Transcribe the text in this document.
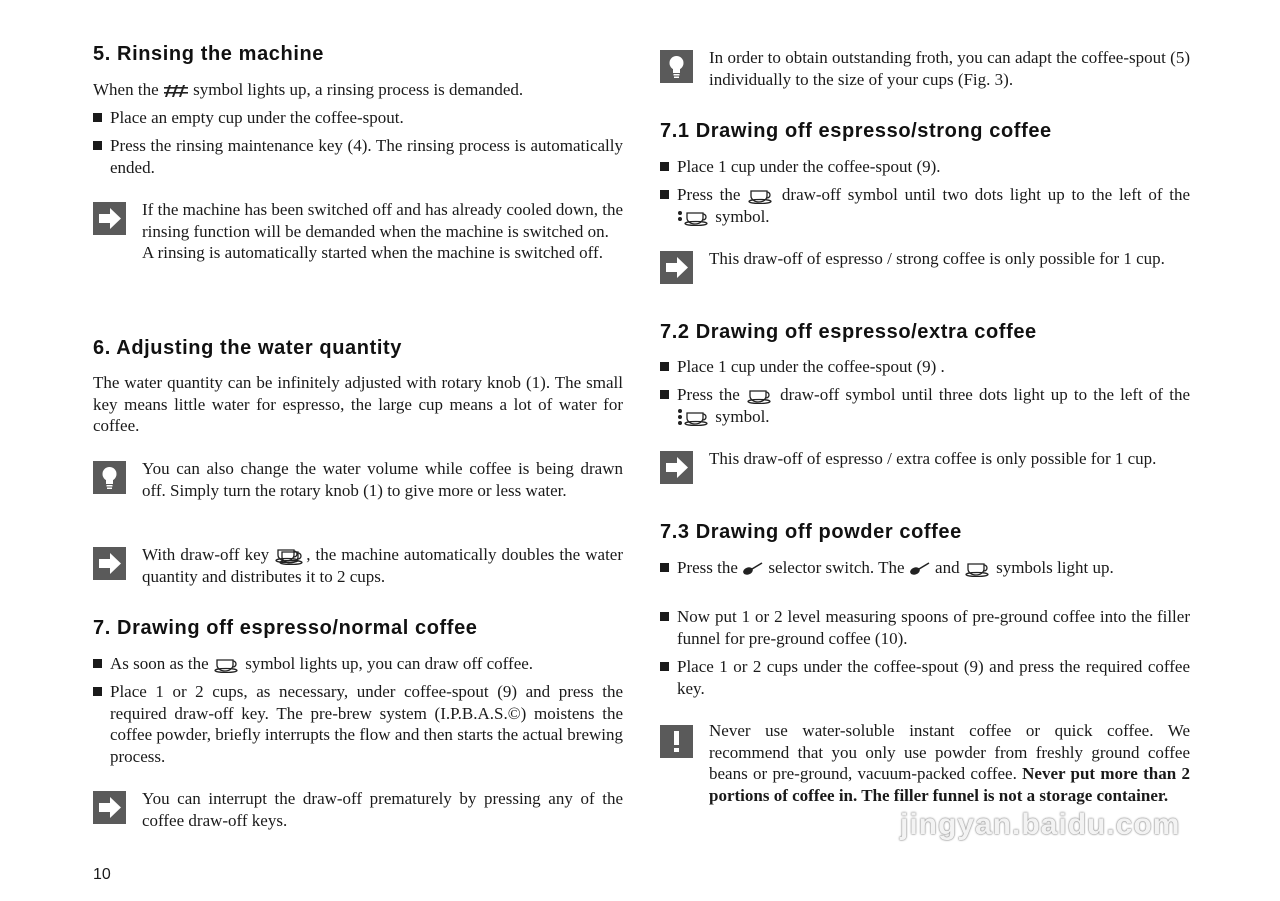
5. Rinsing the machine

When the symbol lights up, a rinsing process is demanded.

Place an empty cup under the coffee-spout.

Press the rinsing maintenance key (4). The rinsing process is automatically ended.

If the machine has been switched off and has already cooled down, the rinsing function will be demanded when the machine is switched on.

A rinsing is automatically started when the machine is switched off.

6. Adjusting the water quantity

The water quantity can be infinitely adjusted with rotary knob (1). The small key means little water for espresso, the large cup means a lot of water for coffee.

You can also change the water volume while coffee is being drawn off. Simply turn the rotary knob (1) to give more or less water.

With draw-off key , the machine automatically doubles the water quantity and distributes it to 2 cups.

7. Drawing off espresso/normal coffee

As soon as the symbol lights up, you can draw off coffee.

Place 1 or 2 cups, as necessary, under coffee-spout (9) and press the required draw-off key. The pre-brew system (I.P.B.A.S.©) moistens the coffee powder, briefly interrupts the flow and then starts the actual brewing process.

You can interrupt the draw-off prematurely by pressing any of the coffee draw-off keys.

In order to obtain outstanding froth, you can adapt the coffee-spout (5) individually to the size of your cups (Fig. 3).

7.1 Drawing off espresso/strong coffee

Place 1 cup under the coffee-spout (9).

Press the draw-off symbol until two dots light up to the left of the  symbol.

This draw-off of espresso / strong coffee is only possible for 1 cup.

7.2 Drawing off espresso/extra coffee

Place 1 cup under the coffee-spout (9) .

Press the draw-off symbol until three dots light up to the left of the  symbol.

This draw-off of espresso / extra coffee is only possible for 1 cup.

7.3 Drawing off powder coffee

Press the selector switch. The and symbols light up.

Now put 1 or 2 level measuring spoons of pre-ground coffee into the filler funnel for pre-ground coffee (10).

Place 1 or 2 cups under the coffee-spout (9) and press the required coffee key.

Never use water-soluble instant coffee or quick coffee. We recommend that you only use powder from freshly ground coffee beans or pre-ground, vacuum-packed coffee. Never put more than 2 portions of coffee in. The filler funnel is not a storage container.

10
jingyan.baidu.com
